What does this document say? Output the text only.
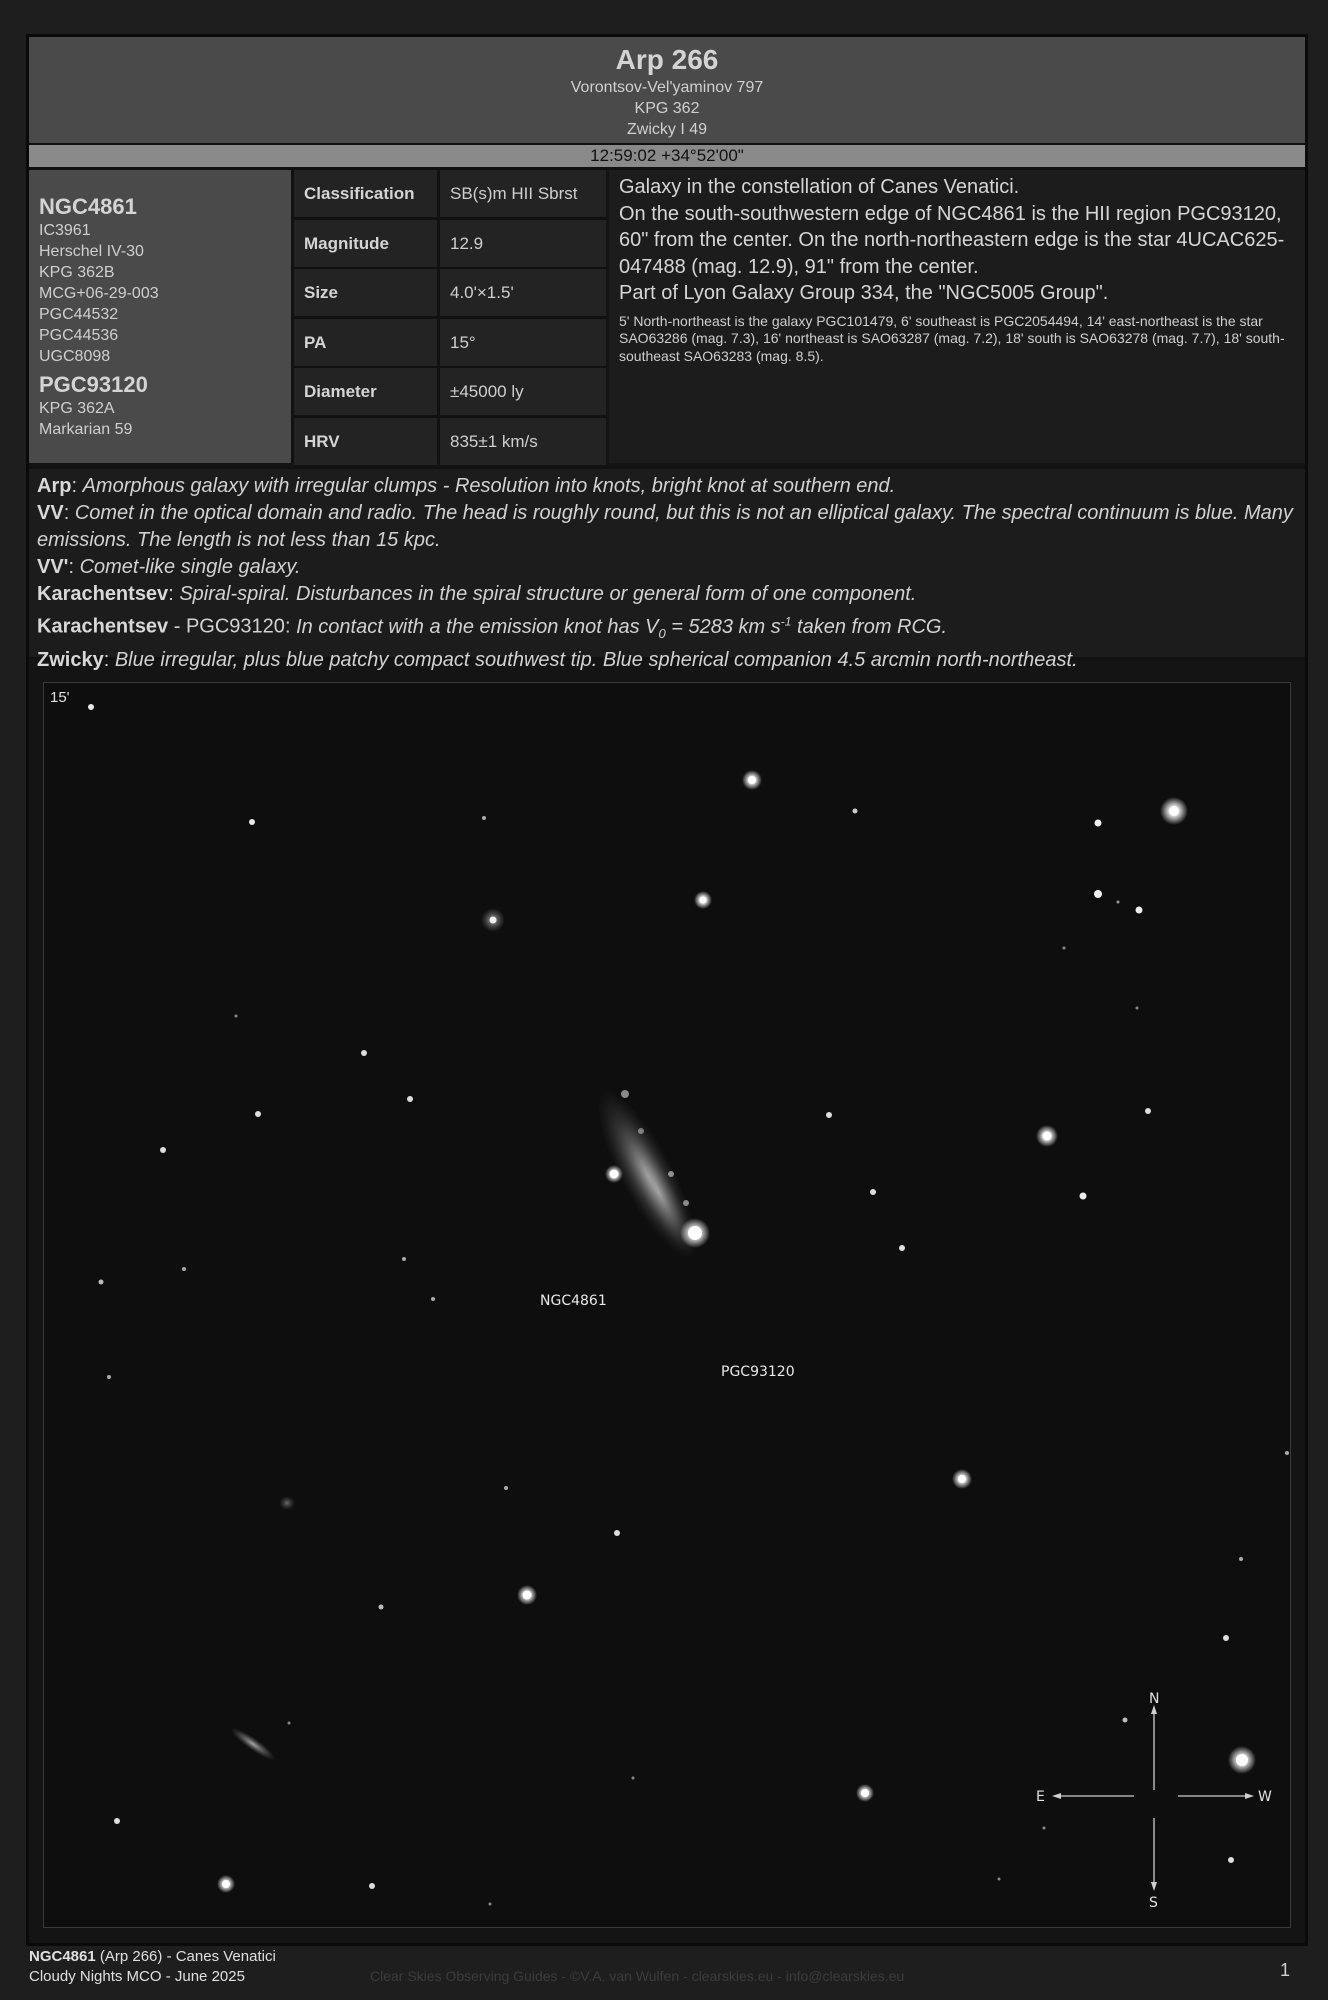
Arp 266
Vorontsov-Vel'yaminov 797
KPG 362
Zwicky I 49
12:59:02 +34°52'00"
NGC4861
IC3961
Herschel IV-30
KPG 362B
MCG+06-29-003
PGC44532
PGC44536
UGC8098
PGC93120
KPG 362A
Markarian 59
Classification	SB(s)m HII Sbrst
Magnitude	12.9
Size	4.0'×1.5'
PA	15°
Diameter	±45000 ly
HRV	835±1 km/s
Galaxy in the constellation of Canes Venatici.
On the south-southwestern edge of NGC4861 is the HII region PGC93120, 60" from the center. On the north-northeastern edge is the star 4UCAC625-047488 (mag. 12.9), 91" from the center.
Part of Lyon Galaxy Group 334, the "NGC5005 Group".
5' North-northeast is the galaxy PGC101479, 6' southeast is PGC2054494, 14' east-northeast is the star SAO63286 (mag. 7.3), 16' northeast is SAO63287 (mag. 7.2), 18' south is SAO63278 (mag. 7.7), 18' south-southeast SAO63283 (mag. 8.5).
Arp: Amorphous galaxy with irregular clumps - Resolution into knots, bright knot at southern end.
VV: Comet in the optical domain and radio. The head is roughly round, but this is not an elliptical galaxy. The spectral continuum is blue. Many emissions. The length is not less than 15 kpc.
VV': Comet-like single galaxy.
Karachentsev: Spiral-spiral. Disturbances in the spiral structure or general form of one component.
Karachentsev - PGC93120: In contact with a the emission knot has $V_0 = 5283$ km $s^{-1}$ taken from RCG.
Zwicky: Blue irregular, plus blue patchy compact southwest tip. Blue spherical companion 4.5 arcmin north-northeast.
15'
NGC4861
PGC93120
N
S
E	W
NGC4861 (Arp 266) - Canes Venatici
Cloudy Nights MCO - June 2025	Clear Skies Observing Guides - ©V.A. van Wulfen - clearskies.eu - info@clearskies.eu	1
